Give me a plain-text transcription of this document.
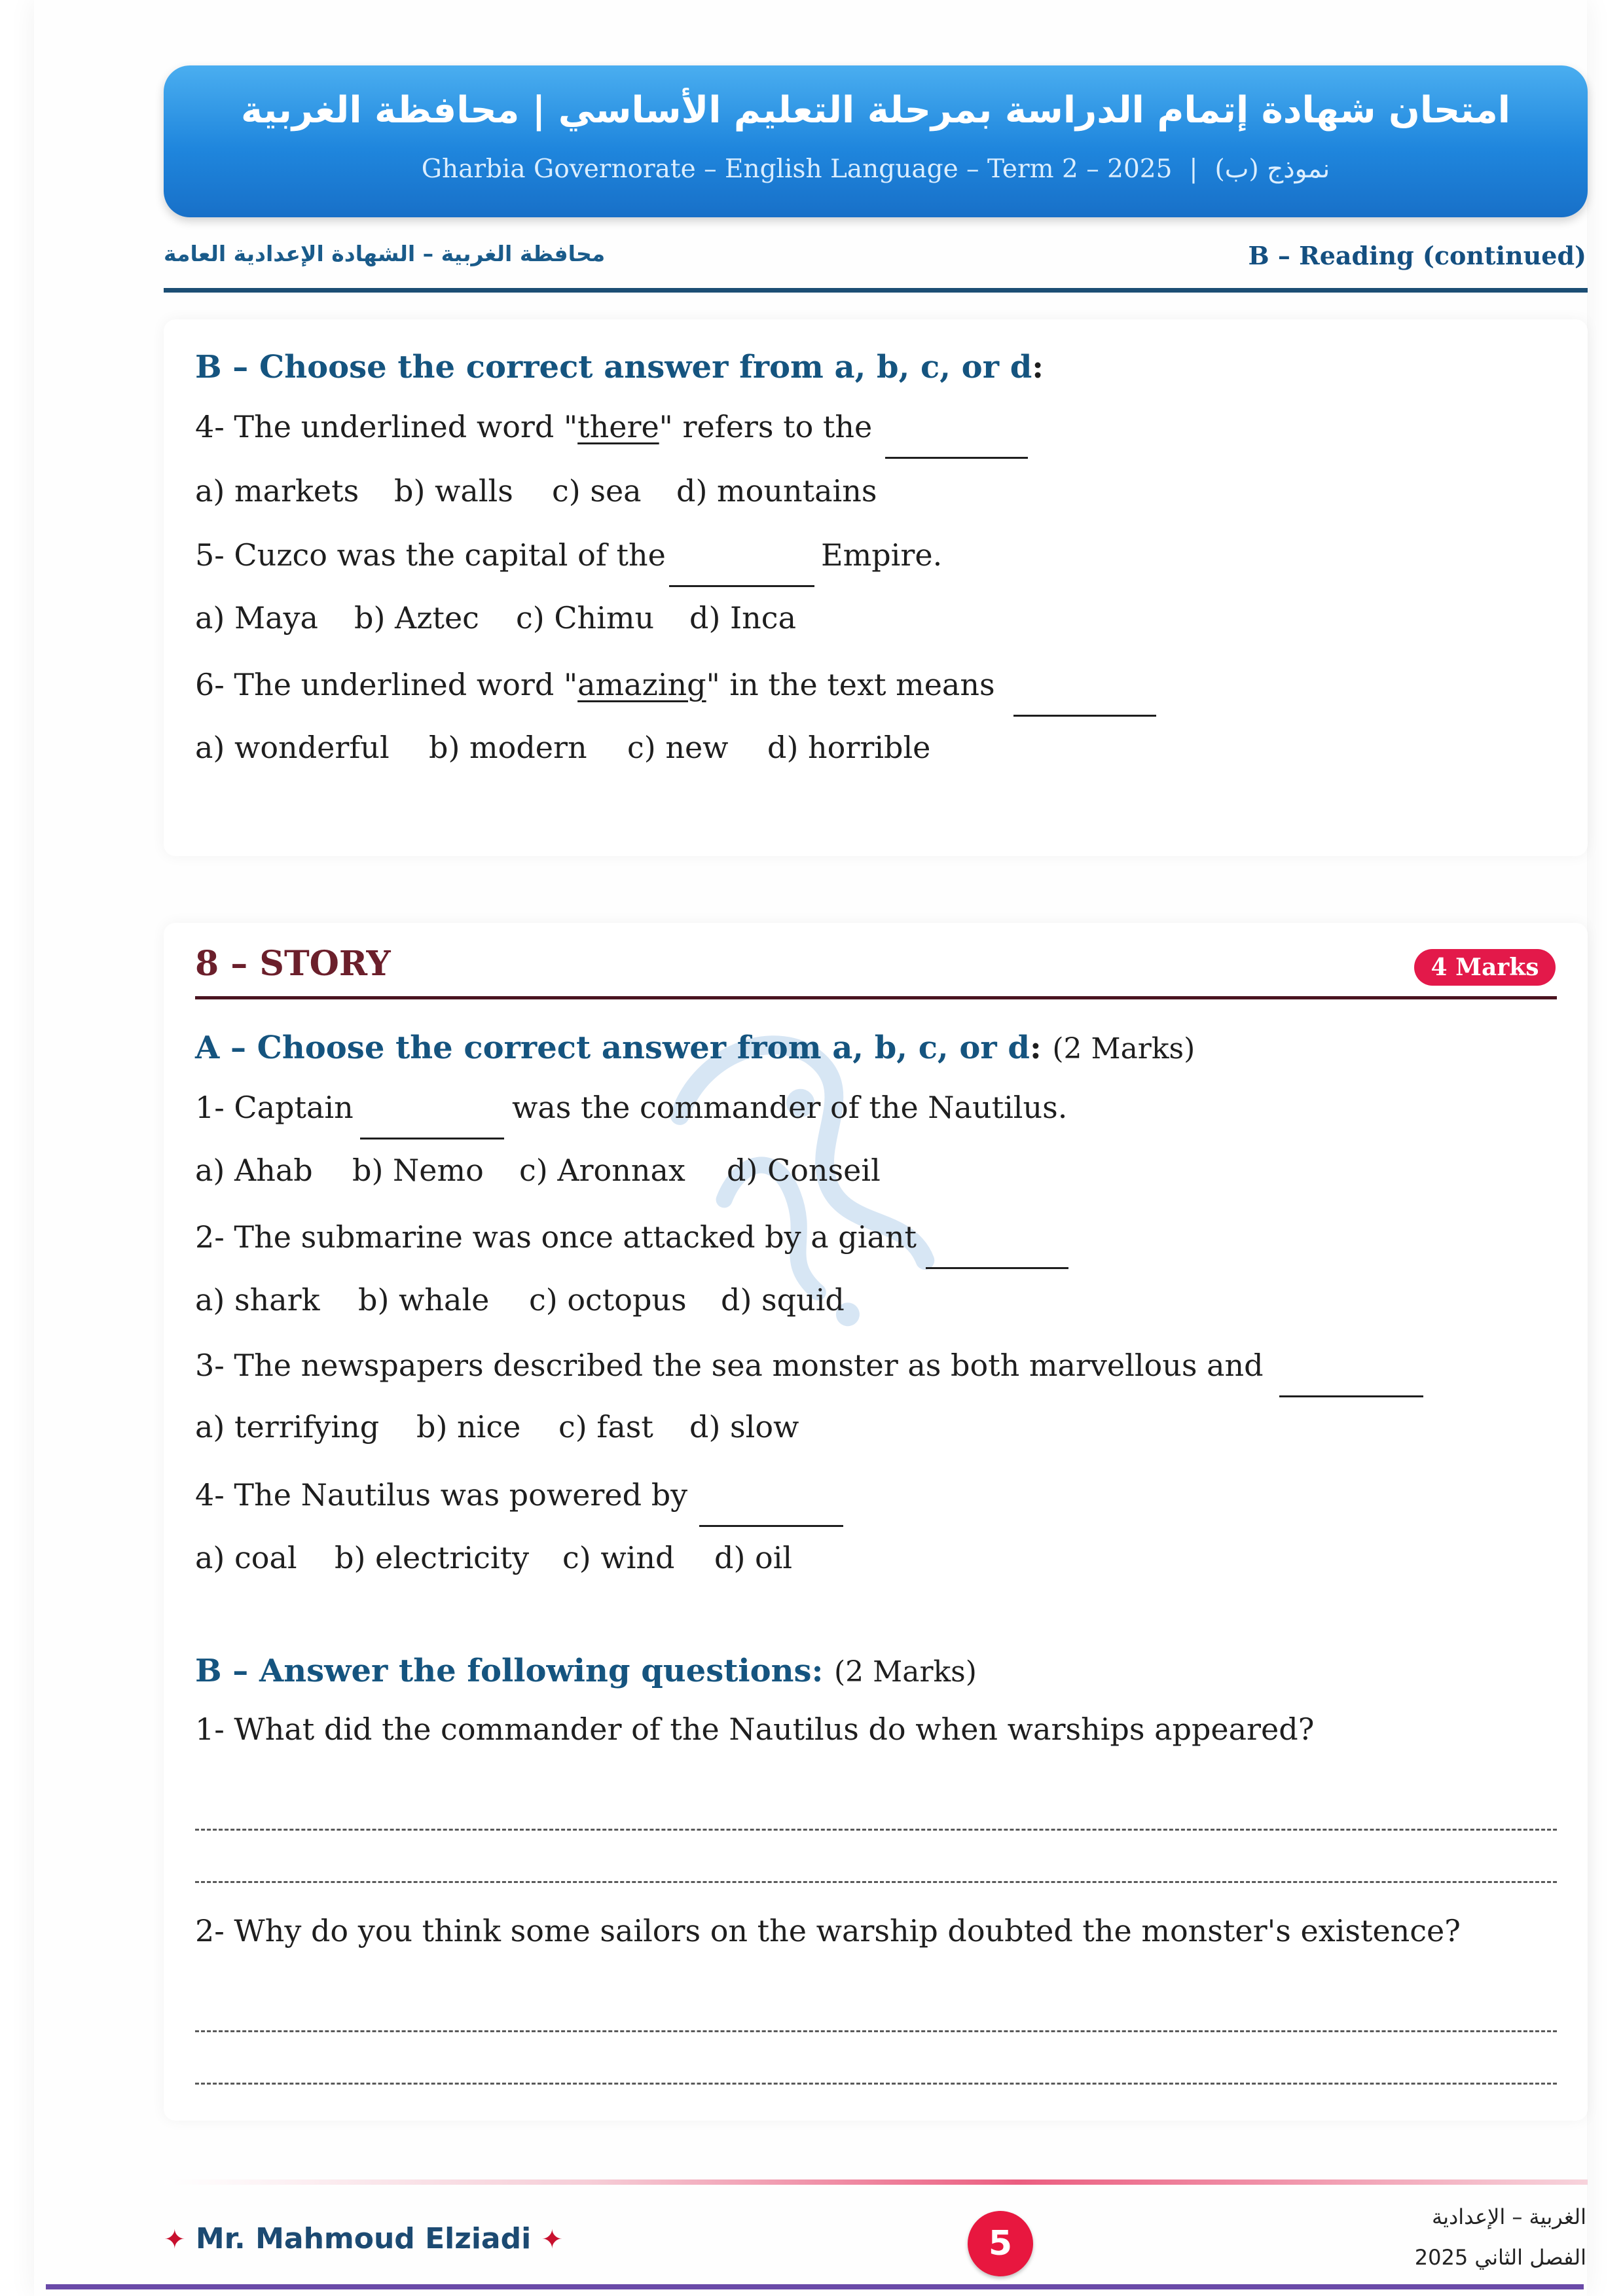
امتحان شهادة إتمام الدراسة بمرحلة التعليم الأساسي | محافظة الغربية
Gharbia Governorate – English Language – Term 2 – 2025 | نموذج (ب)
محافظة الغربية – الشهادة الإعدادية العامة	B – Reading (continued)
B – Choose the correct answer from a, b, c, or d:
4- The underlined word "there" refers to the
a) markets b) walls c) sea d) mountains
5- Cuzco was the capital of the	Empire.
a) Maya b) Aztec c) Chimu d) Inca
6- The underlined word "amazing" in the text means
a) wonderful b) modern c) new d) horrible
8 – STORY	4 Marks
A – Choose the correct answer from a, b, c, or d: (2 Marks)
1- Captain	was the commander of the Nautilus.
a) Ahab b) Nemo c) Aronnax d) Conseil
2- The submarine was once attacked by a giant
a) shark b) whale c) octopus d) squid
3- The newspapers described the sea monster as both marvellous and
a) terrifying b) nice c) fast d) slow
4- The Nautilus was powered by
a) coal b) electricity c) wind d) oil
B – Answer the following questions: (2 Marks)
1- What did the commander of the Nautilus do when warships appeared?
2- Why do you think some sailors on the warship doubted the monster's existence?
✦ Mr. Mahmoud Elziadi ✦	5
الغربية – الإعدادية
الفصل الثاني 2025
